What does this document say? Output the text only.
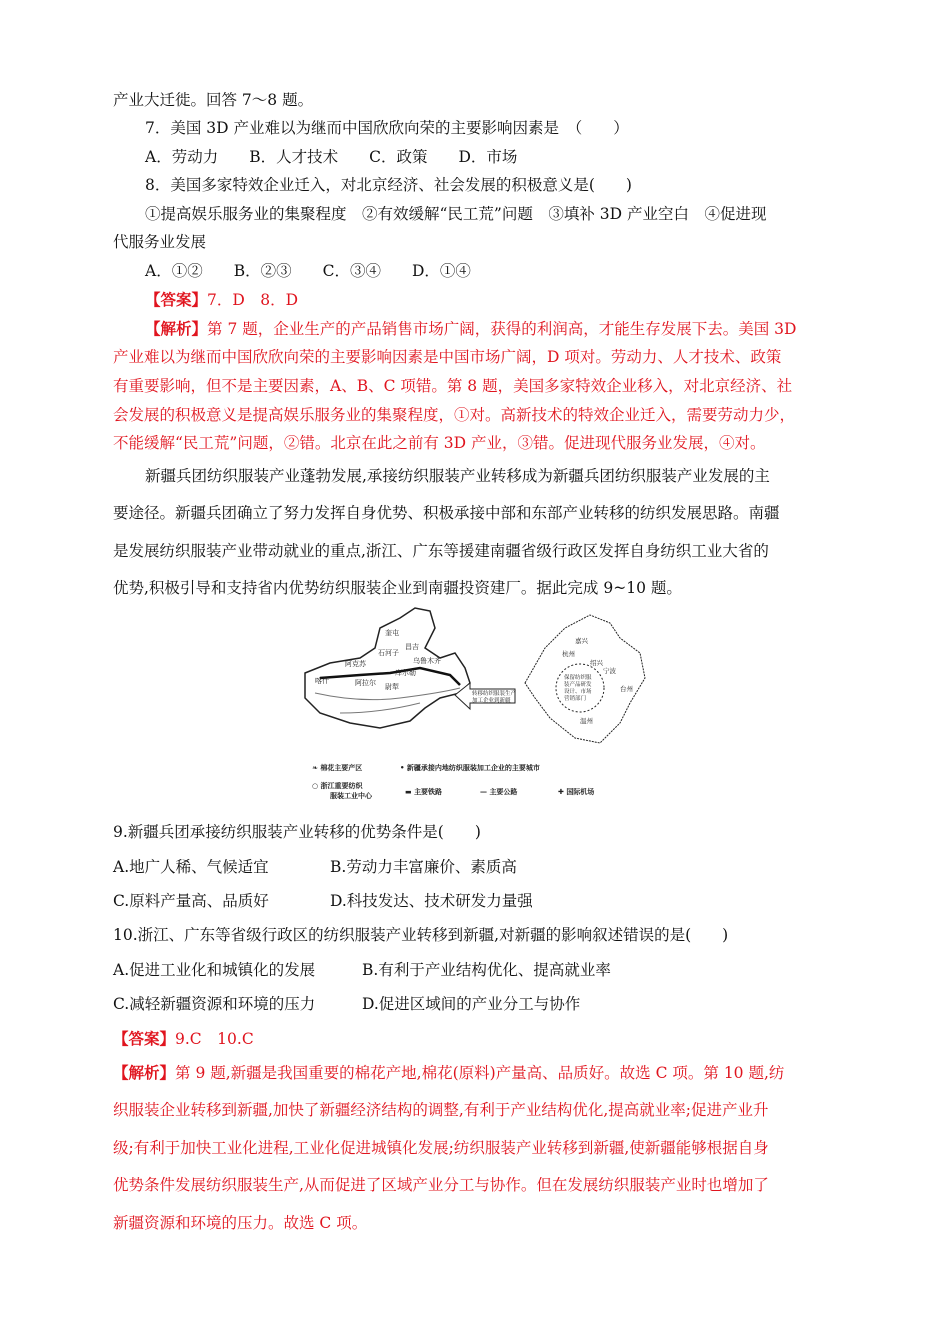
产业大迁徙。回答 7～8 题。
7．美国 3D 产业难以为继而中国欣欣向荣的主要影响因素是　（　　）
A．劳动力　　B．人才技术　　C．政策　　D．市场
8．美国多家特效企业迁入，对北京经济、社会发展的积极意义是(　　)
①提高娱乐服务业的集聚程度　②有效缓解“民工荒”问题　③填补 3D 产业空白　④促进现
代服务业发展
A．①②　　B．②③　　C．③④　　D．①④
【答案】7．D　8．D
【解析】第 7 题，企业生产的产品销售市场广阔，获得的利润高，才能生存发展下去。美国 3D
产业难以为继而中国欣欣向荣的主要影响因素是中国市场广阔，D 项对。劳动力、人才技术、政策
有重要影响，但不是主要因素，A、B、C 项错。第 8 题，美国多家特效企业移入，对北京经济、社
会发展的积极意义是提高娱乐服务业的集聚程度，①对。高新技术的特效企业迁入，需要劳动力少，
不能缓解“民工荒”问题，②错。北京在此之前有 3D 产业，③错。促进现代服务业发展，④对。
新疆兵团纺织服装产业蓬勃发展,承接纺织服装产业转移成为新疆兵团纺织服装产业发展的主
要途径。新疆兵团确立了努力发挥自身优势、积极承接中部和东部产业转移的纺织发展思路。南疆
是发展纺织服装产业带动就业的重点,浙江、广东等援建南疆省级行政区发挥自身纺织工业大省的
优势,积极引导和支持省内优势纺织服装企业到南疆投资建厂。据此完成 9~10 题。
奎屯
石河子
昌吉
乌鲁木齐
阿克苏
喀什	阿拉尔
库尔勒
尉犁
转移纺织服装生产
加工企业到新疆
保留纺织服
装产品研发
设计、市场
营销部门
嘉兴
杭州
绍兴
宁波
台州
温州
❧ 棉花主要产区	• 新疆承接内地纺织服装加工企业的主要城市
○ 浙江重要纺织
服装工业中心	▬ 主要铁路	— 主要公路	✚ 国际机场
9.新疆兵团承接纺织服装产业转移的优势条件是(　　)
A.地广人稀、气候适宜	B.劳动力丰富廉价、素质高
C.原料产量高、品质好	D.科技发达、技术研发力量强
10.浙江、广东等省级行政区的纺织服装产业转移到新疆,对新疆的影响叙述错误的是(　　)
A.促进工业化和城镇化的发展	B.有利于产业结构优化、提高就业率
C.减轻新疆资源和环境的压力	D.促进区域间的产业分工与协作
【答案】9.C　10.C
【解析】第 9 题,新疆是我国重要的棉花产地,棉花(原料)产量高、品质好。故选 C 项。第 10 题,纺
织服装企业转移到新疆,加快了新疆经济结构的调整,有利于产业结构优化,提高就业率;促进产业升
级;有利于加快工业化进程,工业化促进城镇化发展;纺织服装产业转移到新疆,使新疆能够根据自身
优势条件发展纺织服装生产,从而促进了区域产业分工与协作。但在发展纺织服装产业时也增加了
新疆资源和环境的压力。故选 C 项。
